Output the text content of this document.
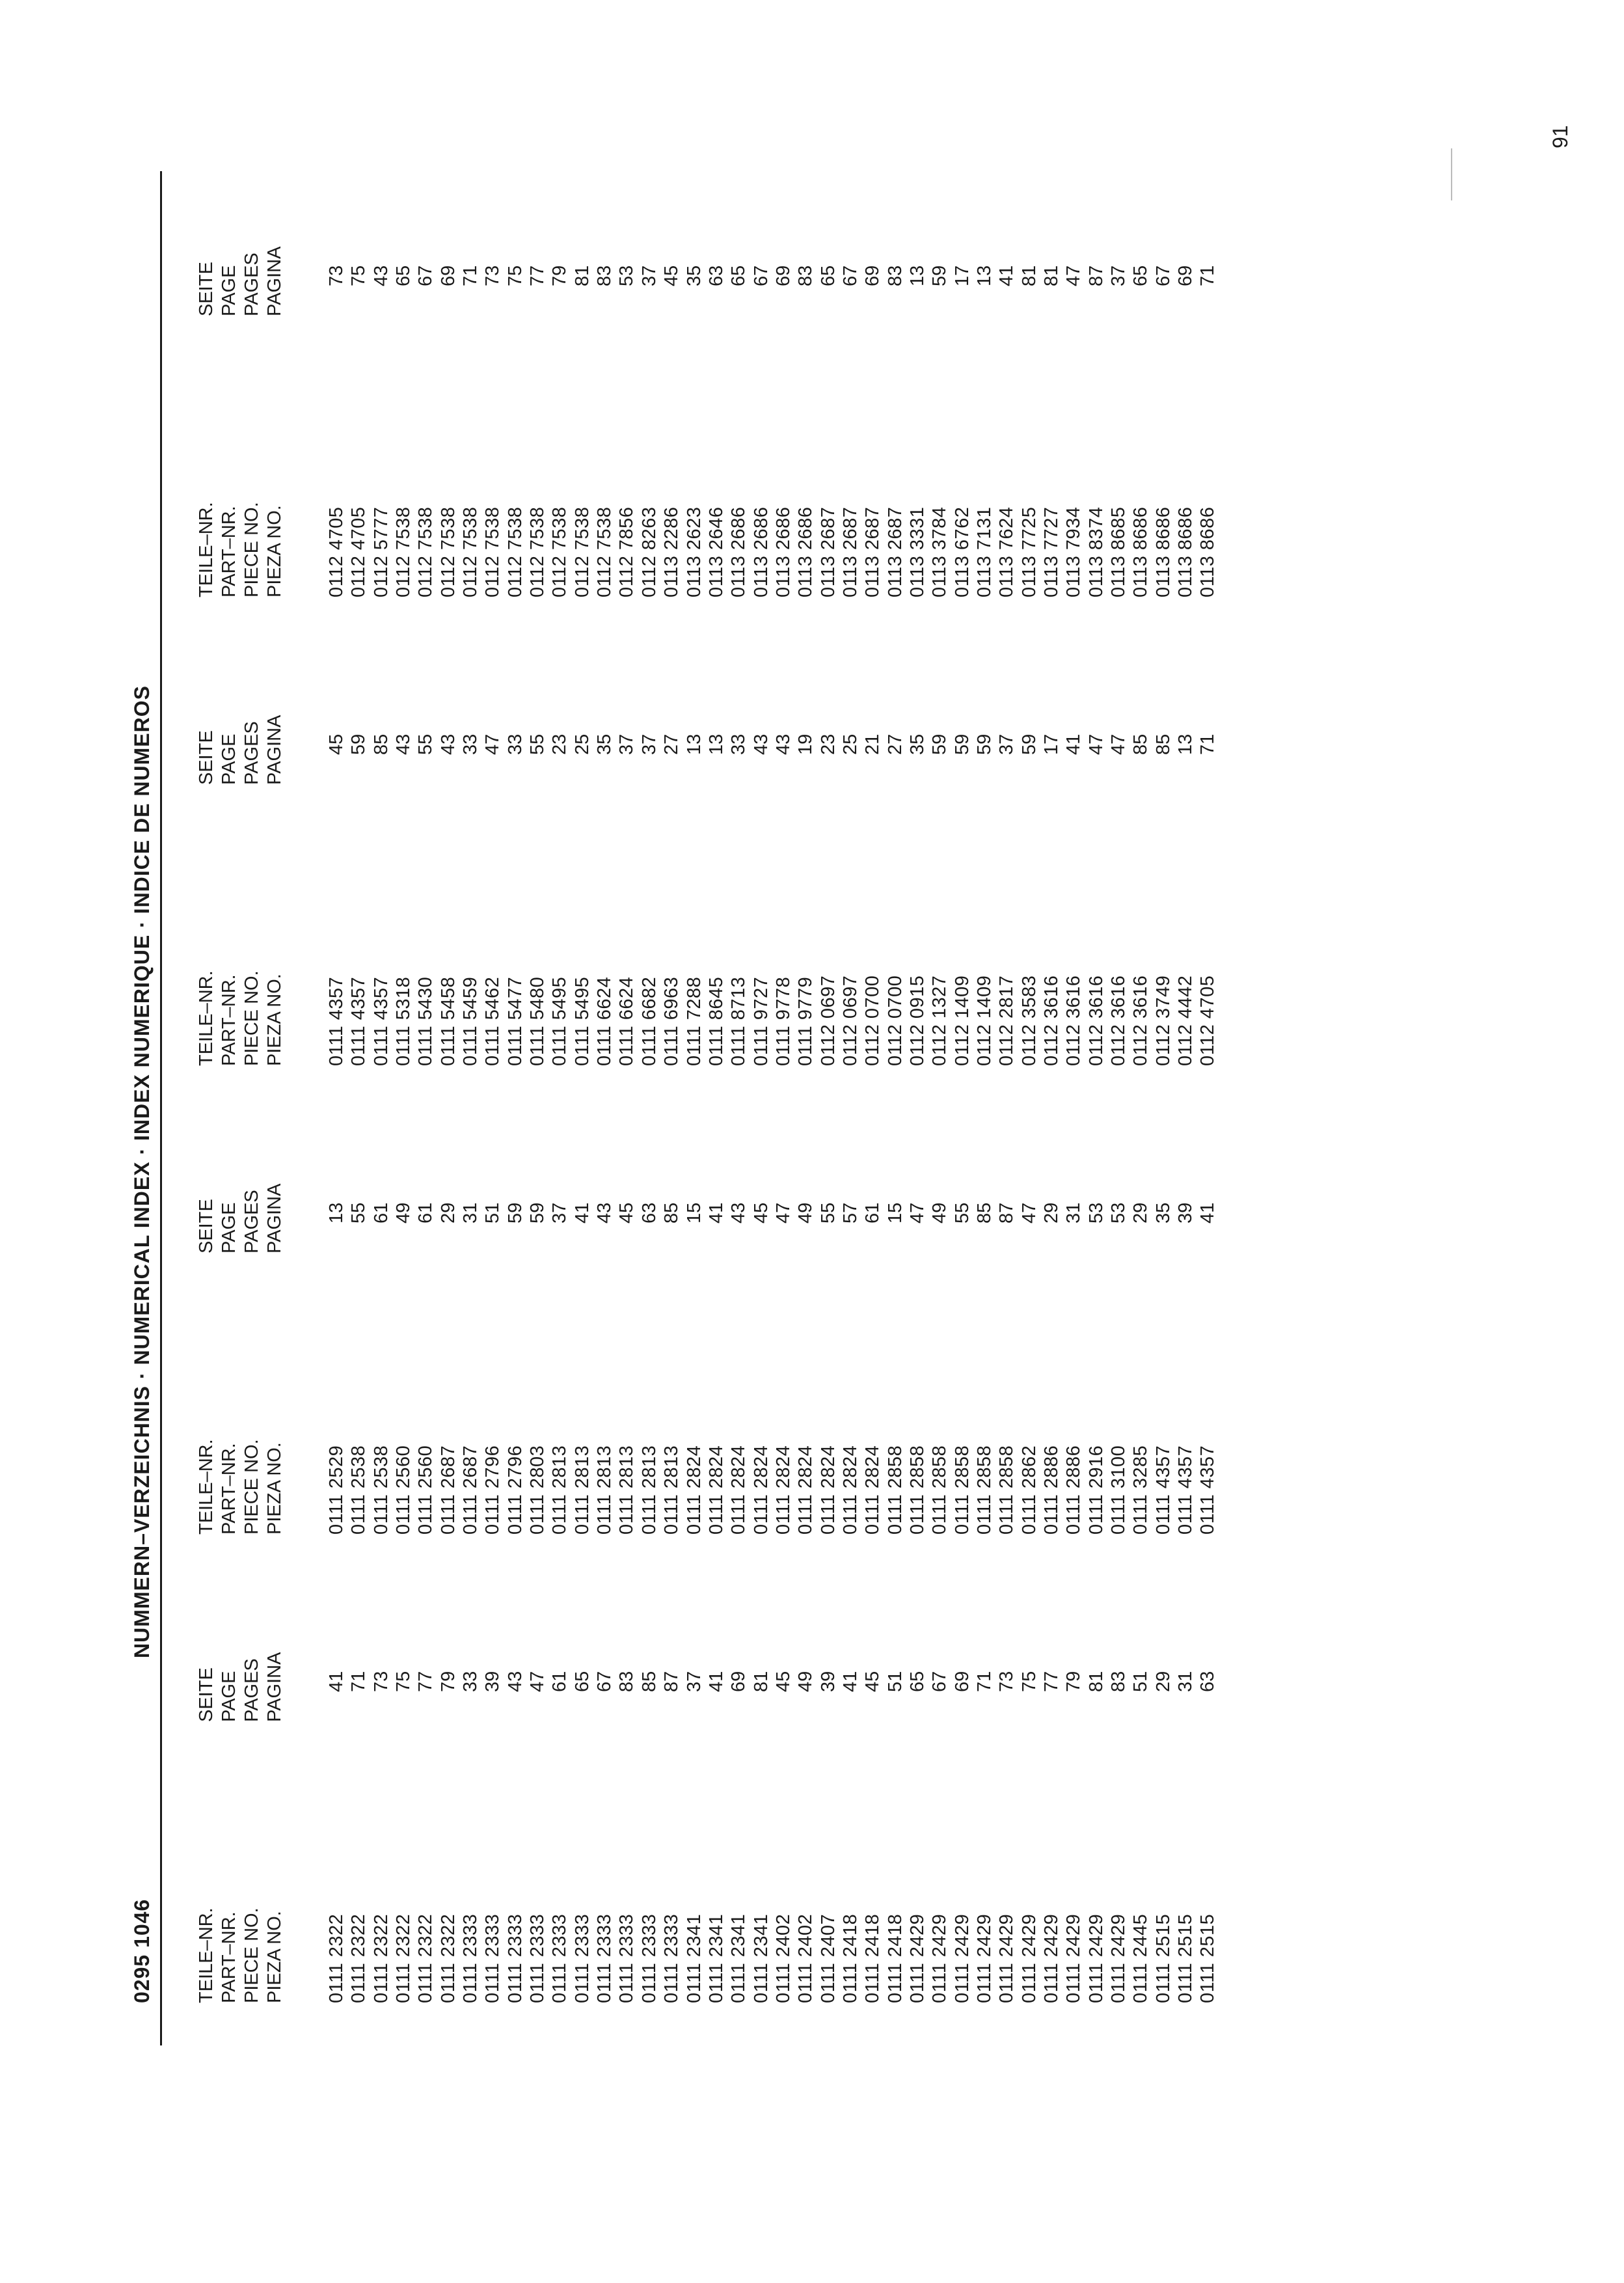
0295 1046
NUMMERN–VERZEICHNIS · NUMERICAL INDEX · INDEX NUMERIQUE · INDICE DE NUMEROS
91
TEILE–NR. PART–NR. PIECE NO. PIEZA NO.
SEITE PAGE PAGES PAGINA
0111 2322
41
0111 2322
71
0111 2322
73
0111 2322
75
0111 2322
77
0111 2322
79
0111 2333
33
0111 2333
39
0111 2333
43
0111 2333
47
0111 2333
61
0111 2333
65
0111 2333
67
0111 2333
83
0111 2333
85
0111 2333
87
0111 2341
37
0111 2341
41
0111 2341
69
0111 2341
81
0111 2402
45
0111 2402
49
0111 2407
39
0111 2418
41
0111 2418
45
0111 2418
51
0111 2429
65
0111 2429
67
0111 2429
69
0111 2429
71
0111 2429
73
0111 2429
75
0111 2429
77
0111 2429
79
0111 2429
81
0111 2429
83
0111 2445
51
0111 2515
29
0111 2515
31
0111 2515
63
TEILE–NR. PART–NR. PIECE NO. PIEZA NO.
SEITE PAGE PAGES PAGINA
0111 2529
13
0111 2538
55
0111 2538
61
0111 2560
49
0111 2560
61
0111 2687
29
0111 2687
31
0111 2796
51
0111 2796
59
0111 2803
59
0111 2813
37
0111 2813
41
0111 2813
43
0111 2813
45
0111 2813
63
0111 2813
85
0111 2824
15
0111 2824
41
0111 2824
43
0111 2824
45
0111 2824
47
0111 2824
49
0111 2824
55
0111 2824
57
0111 2824
61
0111 2858
15
0111 2858
47
0111 2858
49
0111 2858
55
0111 2858
85
0111 2858
87
0111 2862
47
0111 2886
29
0111 2886
31
0111 2916
53
0111 3100
53
0111 3285
29
0111 4357
35
0111 4357
39
0111 4357
41
TEILE–NR. PART–NR. PIECE NO. PIEZA NO.
SEITE PAGE PAGES PAGINA
0111 4357
45
0111 4357
59
0111 4357
85
0111 5318
43
0111 5430
55
0111 5458
43
0111 5459
33
0111 5462
47
0111 5477
33
0111 5480
55
0111 5495
23
0111 5495
25
0111 6624
35
0111 6624
37
0111 6682
37
0111 6963
27
0111 7288
13
0111 8645
13
0111 8713
33
0111 9727
43
0111 9778
43
0111 9779
19
0112 0697
23
0112 0697
25
0112 0700
21
0112 0700
27
0112 0915
35
0112 1327
59
0112 1409
59
0112 1409
59
0112 2817
37
0112 3583
59
0112 3616
17
0112 3616
41
0112 3616
47
0112 3616
47
0112 3616
85
0112 3749
85
0112 4442
13
0112 4705
71
TEILE–NR. PART–NR. PIECE NO. PIEZA NO.
SEITE PAGE PAGES PAGINA
0112 4705
73
0112 4705
75
0112 5777
43
0112 7538
65
0112 7538
67
0112 7538
69
0112 7538
71
0112 7538
73
0112 7538
75
0112 7538
77
0112 7538
79
0112 7538
81
0112 7538
83
0112 7856
53
0112 8263
37
0113 2286
45
0113 2623
35
0113 2646
63
0113 2686
65
0113 2686
67
0113 2686
69
0113 2686
83
0113 2687
65
0113 2687
67
0113 2687
69
0113 2687
83
0113 3331
13
0113 3784
59
0113 6762
17
0113 7131
13
0113 7624
41
0113 7725
81
0113 7727
81
0113 7934
47
0113 8374
87
0113 8685
37
0113 8686
65
0113 8686
67
0113 8686
69
0113 8686
71
